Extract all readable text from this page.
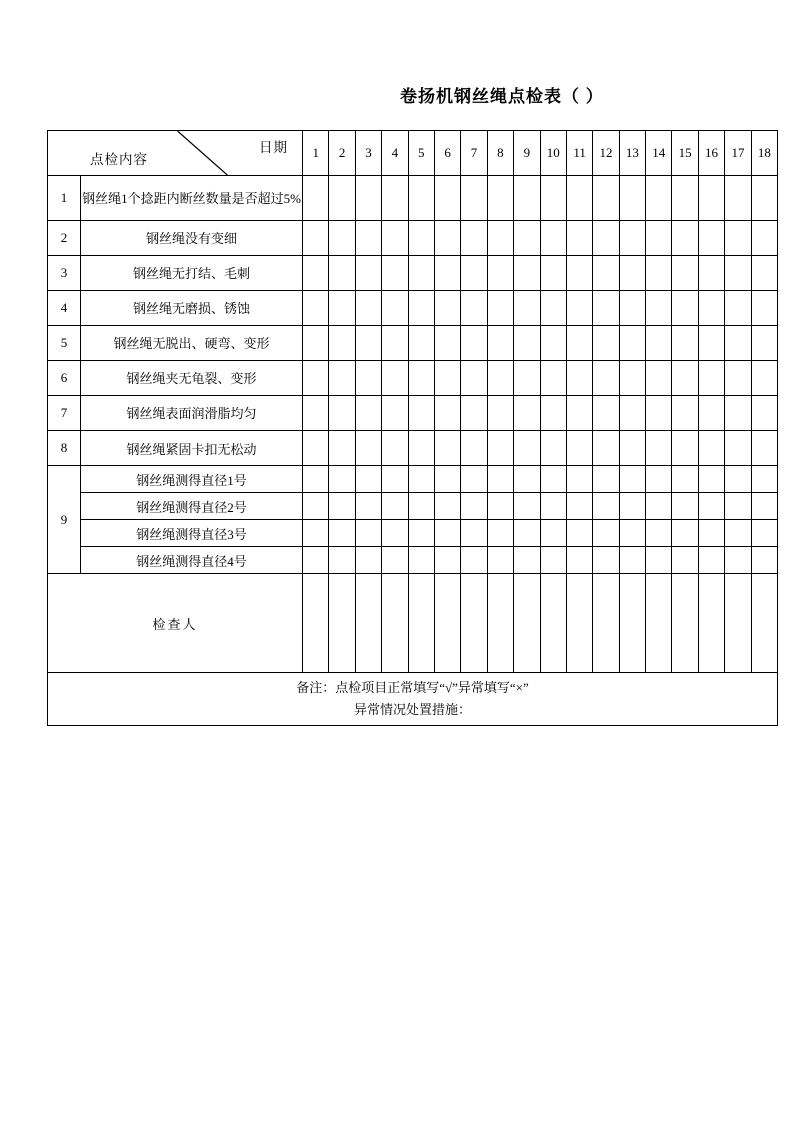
卷扬机钢丝绳点检表（ ）
点检内容
日期		1	2	3	4	5	6	7	8	9	10	11	12	13	14	15	16	17	18
1	钢丝绳1个捻距内断丝数量是否超过5%																		
2	钢丝绳没有变细																		
3	钢丝绳无打结、毛刺																		
4	钢丝绳无磨损、锈蚀																		
5	钢丝绳无脱出、硬弯、变形																		
6	钢丝绳夹无龟裂、变形																		
7	钢丝绳表面润滑脂均匀																		
8	钢丝绳紧固卡扣无松动																		
9	钢丝绳测得直径1号																		
	钢丝绳测得直径2号																		
	钢丝绳测得直径3号																		
	钢丝绳测得直径4号																		
检查人																			

备注：点检项目正常填写“√”异常填写“×”
异常情况处置措施：																			
